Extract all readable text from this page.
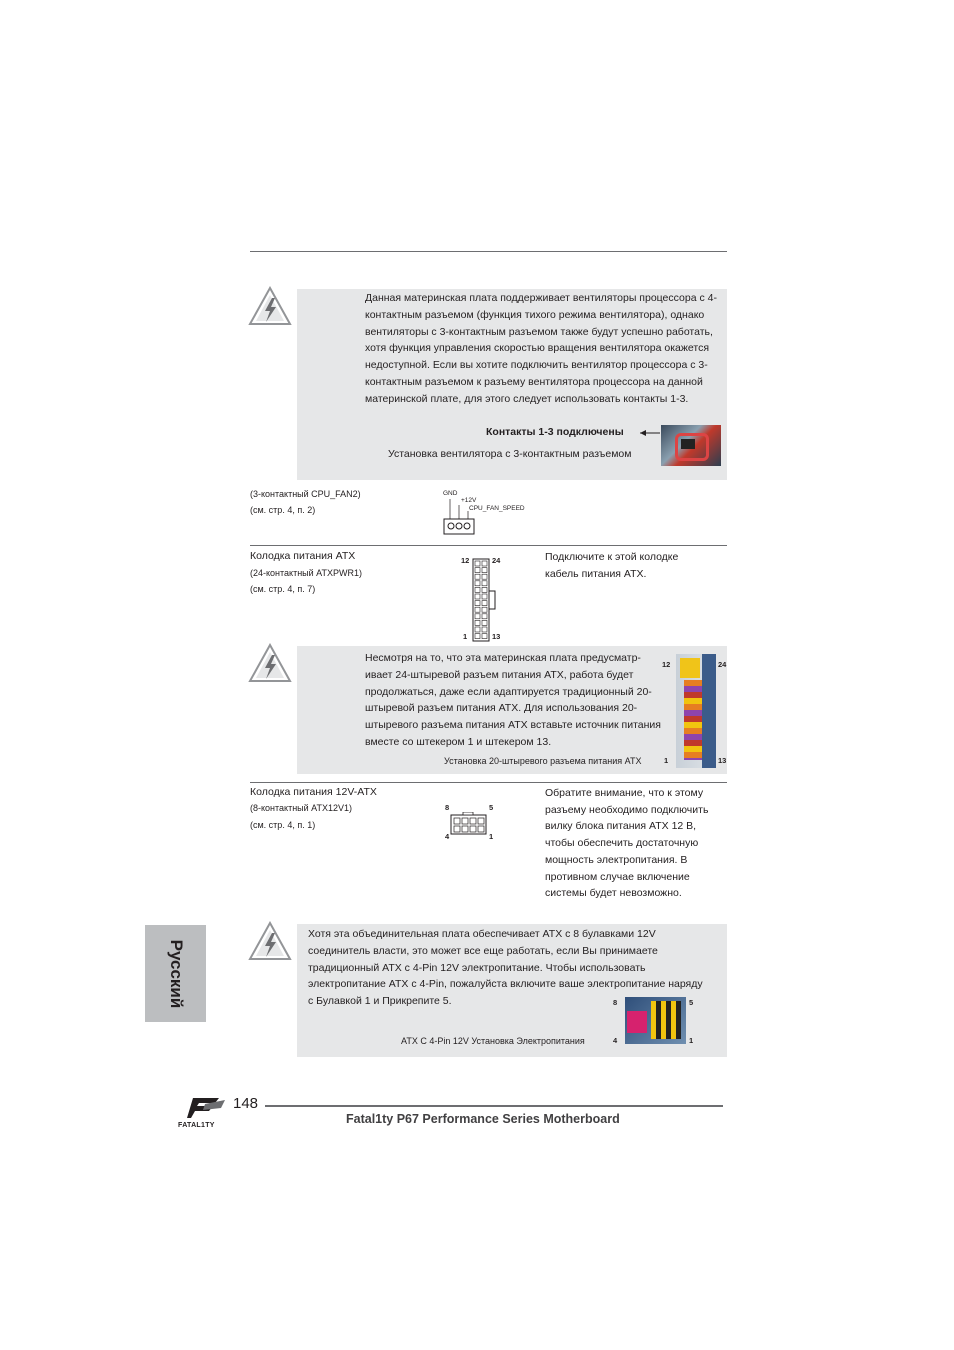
Данная материнская плата поддерживает вентиляторы процессора с 4-контактным разъемом (функция тихого режима вентилятора), однако вентиляторы с 3-контактным разъемом также будут успешно работать, хотя функция управления скоростью вращения вентилятора окажется недоступной. Если вы хотите подключить вентилятор процессора с 3-контактным разъемом к разъему вентилятора процессора на данной материнской плате, для этого следует использовать контакты 1-3.
Контакты 1-3 подключены
Установка вентилятора с 3-контактным разъемом
(3-контактный CPU_FAN2)
(см. стр. 4, п. 2)
GND
+12V
CPU_FAN_SPEED
Колодка питания ATX
(24-контактный ATXPWR1)
(см. стр. 4, п. 7)
Подключите к этой колодке кабель питания ATX.
12	24
1	13
Несмотря на то, что эта материнская плата предусматр- ивает 24-штыревой разъем питания ATX, работа будет продолжаться, даже если адаптируется традиционный 20-штыревой разъем питания ATX. Для использования 20-штыревого разъема питания ATX вставьте источник питания вместе со штекером 1 и штекером 13.
Установка 20-штыревого разъема питания ATX
12	24
1	13
Колодка питания 12V-ATX
(8-контактный ATX12V1)
(см. стр. 4, п. 1)
Обратите внимание, что к этому разъему необходимо подключить вилку блока питания ATX 12 В, чтобы обеспечить достаточную мощность электропитания. В противном случае включение системы будет невозможно.
8	5
4	1
Хотя эта объединительная плата обеспечивает ATX с 8 булавками 12V соединитель власти, это может все еще работать, если Вы принимаете традиционный ATX с 4-Pin 12V электропитание. Чтобы использовать электропитание ATX с 4-Pin, пожалуйста включите ваше электропитание наряду с Булавкой 1 и Прикрепите 5.
ATX С 4-Pin 12V Установка Электропитания
8	5
4	1
Русский
FATAL1TY
148
Fatal1ty P67 Performance Series Motherboard
